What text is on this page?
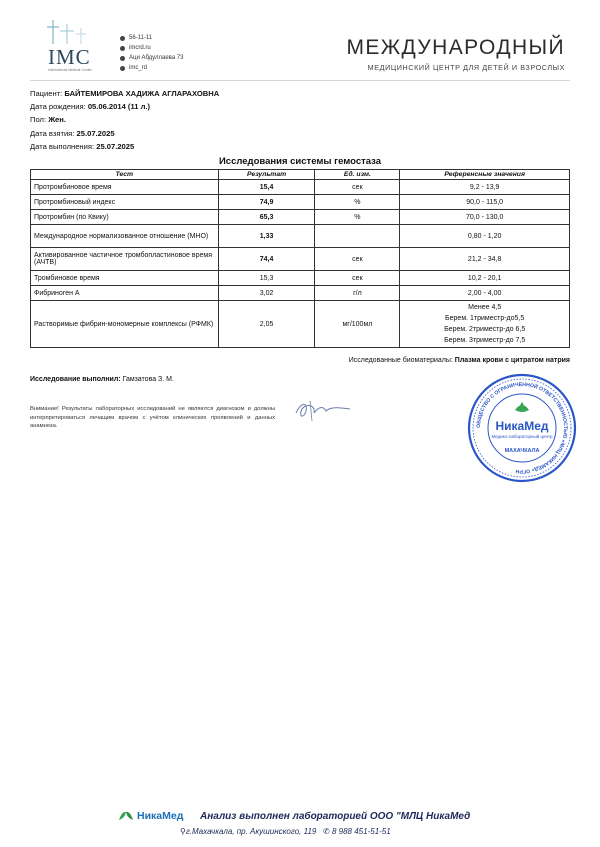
IMC
International Medical Center
56-11-11
imcrd.ru
Аци Абдуллаева 73
imc_rd
МЕЖДУНАРОДНЫЙ
МЕДИЦИНСКИЙ ЦЕНТР ДЛЯ ДЕТЕЙ И ВЗРОСЛЫХ
Пациент: БАЙТЕМИРОВА ХАДИЖА АГЛАРАХОВНА
Дата рождения: 05.06.2014 (11 л.)
Пол: Жен.
Дата взятия: 25.07.2025
Дата выполнения: 25.07.2025
Исследования системы гемостаза
Тест	Результат	Ед. изм.	Референсные значения
Протромбиновое время	15,4	сек	9,2 - 13,9
Протромбиновый индекс	74,9	%	90,0 - 115,0
Протромбин (по Квику)	65,3	%	70,0 - 130,0
Международное нормализованное отношение (МНО)	1,33		0,80 - 1,20
Активированное частичное тромбопластиновое время (АЧТВ)	74,4	сек	21,2 - 34,8
Тромбиновое время	15,3	сек	10,2 - 20,1
Фибриноген А	3,02	г/л	2,00 - 4,00
Растворимые фибрин-мономерные комплексы (РФМК)	2,05	мг/100мл	Менее 4,5
Берем. 1триместр-до5,5
Берем. 2триместр-до 6,5
Берем. 3триместр-до 7,5
Исследованные биоматериалы: Плазма крови с цитратом натрия
Исследование выполнил: Гамзатова З. М.
Внимание! Результаты лабораторных исследований не являются диагнозом и должны интерпретироваться лечащим врачом с учётом клинических проявлений и данных анамнеза.	ОБЩЕСТВО С ОГРАНИЧЕННОЙ ОТВЕТСТВЕННОСТЬЮ «МЛЦ НИКАМЕД» ОГРН
НикаМед
Медико-лабораторный центр
МАХАЧКАЛА
НикаМед Анализ выполнен лабораторией ООО "МЛЦ НикаМед
⚲г.Махачкала, пр. Акушинского, 119 ✆ 8 988 451-51-51
